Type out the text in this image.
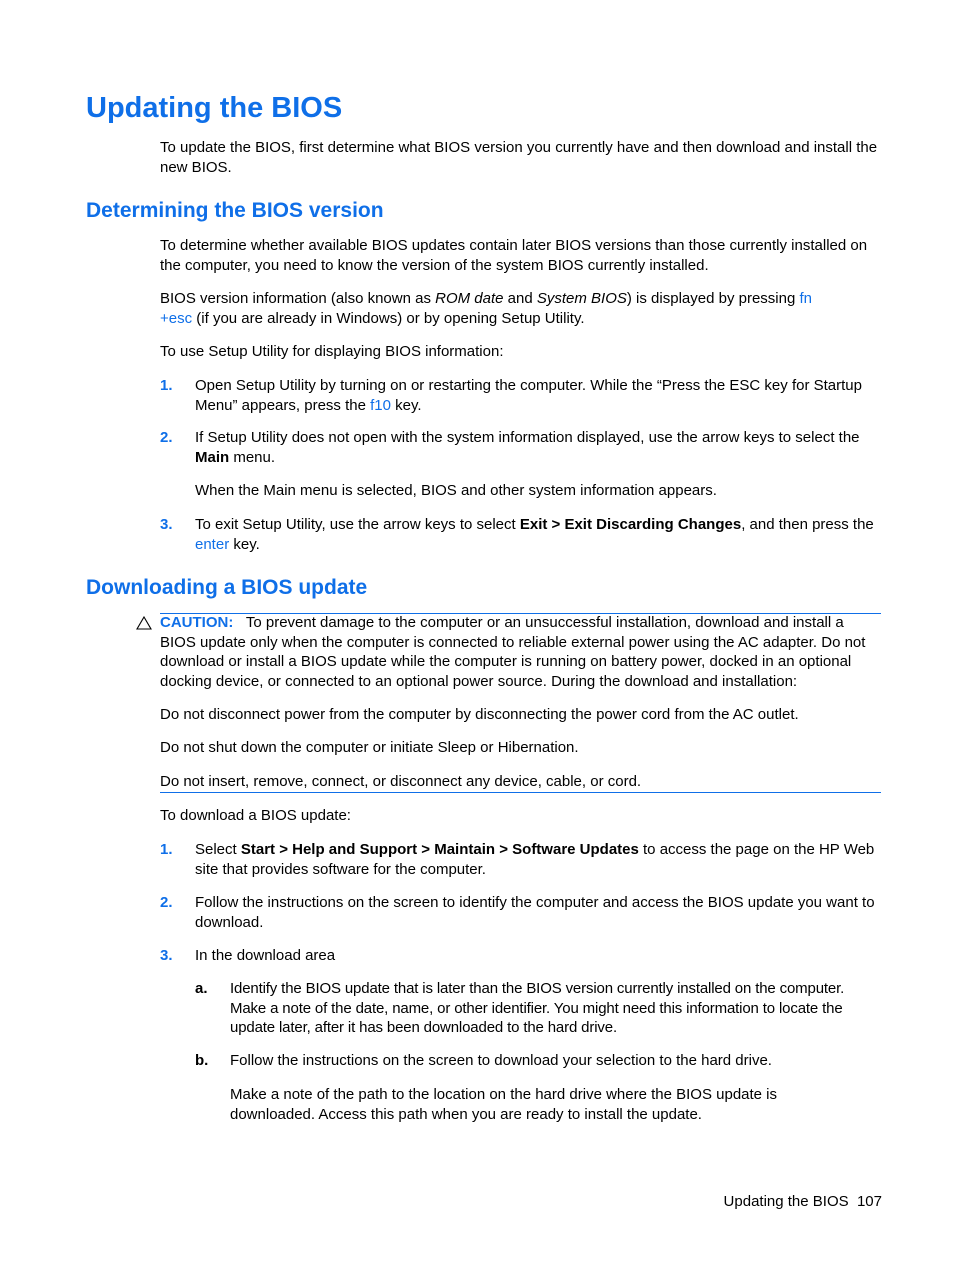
Updating the BIOS
To update the BIOS, first determine what BIOS version you currently have and then download and install the new BIOS.
Determining the BIOS version
To determine whether available BIOS updates contain later BIOS versions than those currently installed on the computer, you need to know the version of the system BIOS currently installed.
BIOS version information (also known as ROM date and System BIOS) is displayed by pressing fn
+esc (if you are already in Windows) or by opening Setup Utility.
To use Setup Utility for displaying BIOS information:
1. Open Setup Utility by turning on or restarting the computer. While the “Press the ESC key for Startup Menu” appears, press the f10 key.
2. If Setup Utility does not open with the system information displayed, use the arrow keys to select the Main menu.
When the Main menu is selected, BIOS and other system information appears.
3. To exit Setup Utility, use the arrow keys to select Exit > Exit Discarding Changes, and then press the enter key.
Downloading a BIOS update
CAUTION: To prevent damage to the computer or an unsuccessful installation, download and install a BIOS update only when the computer is connected to reliable external power using the AC adapter. Do not download or install a BIOS update while the computer is running on battery power, docked in an optional docking device, or connected to an optional power source. During the download and installation:
Do not disconnect power from the computer by disconnecting the power cord from the AC outlet.
Do not shut down the computer or initiate Sleep or Hibernation.
Do not insert, remove, connect, or disconnect any device, cable, or cord.
To download a BIOS update:
1. Select Start > Help and Support > Maintain > Software Updates to access the page on the HP Web site that provides software for the computer.
2. Follow the instructions on the screen to identify the computer and access the BIOS update you want to download.
3. In the download area
a. Identify the BIOS update that is later than the BIOS version currently installed on the computer. Make a note of the date, name, or other identifier. You might need this information to locate the update later, after it has been downloaded to the hard drive.
b. Follow the instructions on the screen to download your selection to the hard drive.
Make a note of the path to the location on the hard drive where the BIOS update is downloaded. Access this path when you are ready to install the update.
Updating the BIOS 107
